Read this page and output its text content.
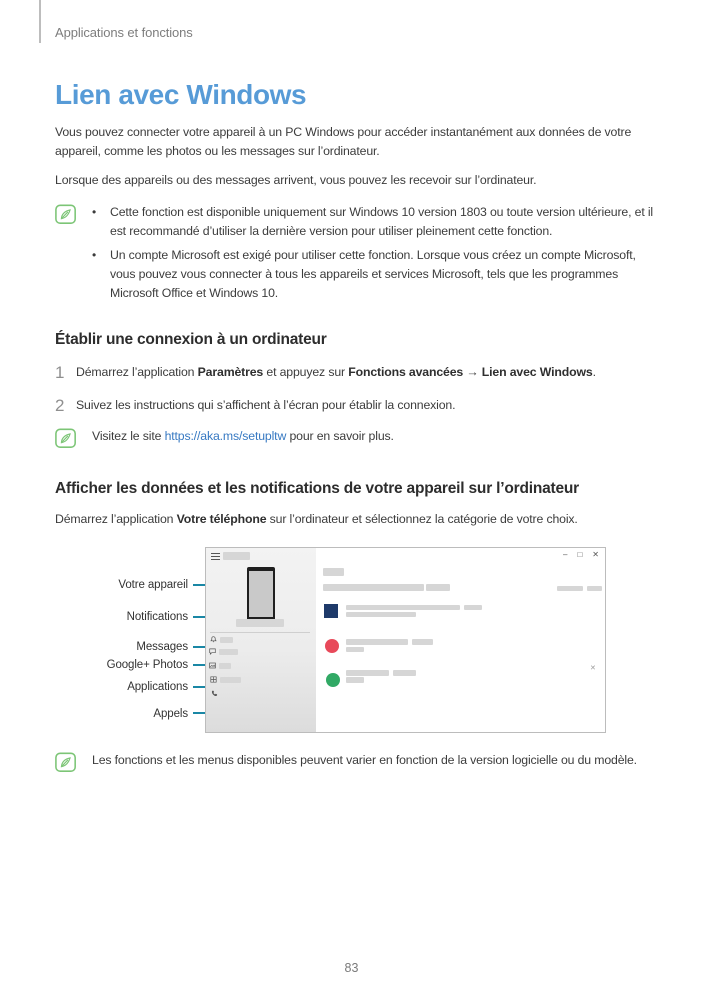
Applications et fonctions
Lien avec Windows

Vous pouvez connecter votre appareil à un PC Windows pour accéder instantanément aux données de votre appareil, comme les photos ou les messages sur l’ordinateur.

Lorsque des appareils ou des messages arrivent, vous pouvez les recevoir sur l’ordinateur.

•	Cette fonction est disponible uniquement sur Windows 10 version 1803 ou toute version ultérieure, et il est recommandé d’utiliser la dernière version pour utiliser pleinement cette fonction.
•	Un compte Microsoft est exigé pour utiliser cette fonction. Lorsque vous créez un compte Microsoft, vous pouvez vous connecter à tous les appareils et services Microsoft, tels que les programmes Microsoft Office et Windows 10.
Établir une connexion à un ordinateur
1 Démarrez l’application Paramètres et appuyez sur Fonctions avancées → Lien avec Windows.
2 Suivez les instructions qui s’affichent à l’écran pour établir la connexion.
Visitez le site https://aka.ms/setupltw pour en savoir plus.
Afficher les données et les notifications de votre appareil sur l’ordinateur

Démarrez l’application Votre téléphone sur l’ordinateur et sélectionnez la catégorie de votre choix.

Votre appareil
Notifications
Messages
Google+ Photos
Applications
Appels
– □ ✕
✕
Les fonctions et les menus disponibles peuvent varier en fonction de la version logicielle ou du modèle.
83
